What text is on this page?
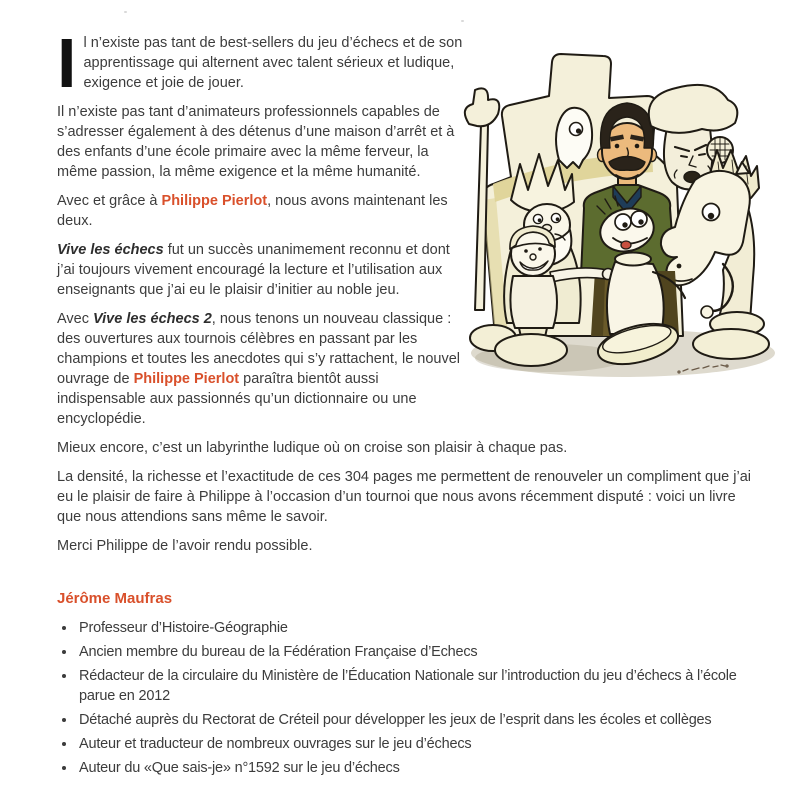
Il n’existe pas tant de best-sellers du jeu d’échecs et de son apprentissage qui alternent avec talent sérieux et ludique, exigence et joie de jouer.

Il n’existe pas tant d’animateurs professionnels capables de s’adresser également à des détenus d’une maison d’arrêt et à des enfants d’une école primaire avec la même ferveur, la même passion, la même exigence et la même humanité.

Avec et grâce à Philippe Pierlot, nous avons maintenant les deux.

Vive les échecs fut un succès unanimement reconnu et dont j’ai toujours vivement encouragé la lecture et l’utilisation aux enseignants que j’ai eu le plaisir d’initier au noble jeu.

Avec Vive les échecs 2, nous tenons un nouveau classique : des ouvertures aux tournois célèbres en passant par les champions et toutes les anecdotes qui s’y rattachent, le nouvel ouvrage de Philippe Pierlot paraîtra bientôt aussi indispensable aux passionnés qu’un dictionnaire ou une encyclopédie.

Mieux encore, c’est un labyrinthe ludique où on croise son plaisir à chaque pas.

La densité, la richesse et l’exactitude de ces 304 pages me permettent de renouveler un compliment que j’ai eu le plaisir de faire à Philippe à l’occasion d’un tournoi que nous avons récemment disputé : voici un livre que nous attendions sans même le savoir.

Merci Philippe de l’avoir rendu possible.

Jérôme Maufras
• Professeur d’Histoire-Géographie
• Ancien membre du bureau de la Fédération Française d’Echecs
• Rédacteur de la circulaire du Ministère de l’Éducation Nationale sur l’introduction du jeu d’échecs à l’école parue en 2012
• Détaché auprès du Rectorat de Créteil pour développer les jeux de l’esprit dans les écoles et collèges
• Auteur et traducteur de nombreux ouvrages sur le jeu d’échecs
• Auteur du «Que sais-je» n°1592 sur le jeu d’échecs
